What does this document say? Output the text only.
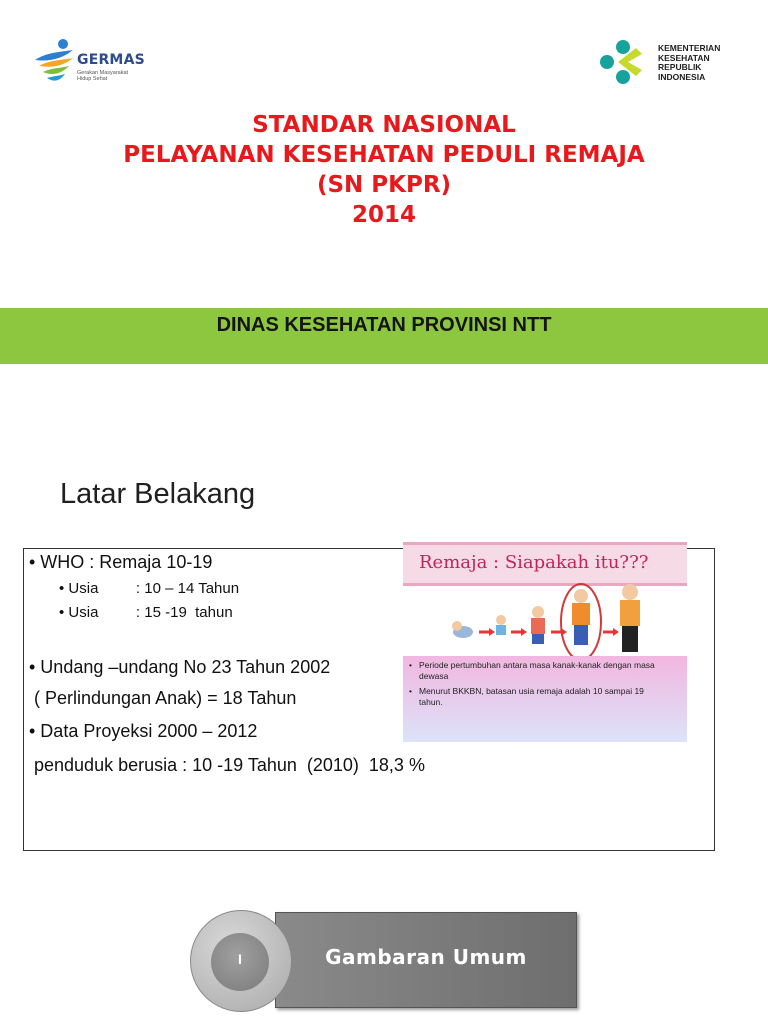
GERMAS
Gerakan Masyarakat
Hidup Sehat
KEMENTERIAN
KESEHATAN
REPUBLIK
INDONESIA
STANDAR NASIONAL
PELAYANAN KESEHATAN PEDULI REMAJA
(SN PKPR)
2014
DINAS KESEHATAN PROVINSI NTT
Latar Belakang
• WHO : Remaja 10-19
• Usia         : 10 – 14 Tahun
• Usia         : 15 -19  tahun
• Undang –undang No 23 Tahun 2002
( Perlindungan Anak) = 18 Tahun
• Data Proyeksi 2000 – 2012
penduduk berusia : 10 -19 Tahun  (2010)  18,3 %
Remaja : Siapakah itu???
• Periode pertumbuhan antara masa kanak-kanak dengan masa
dewasa
• Menurut BKKBN, batasan usia remaja adalah 10 sampai 19
tahun.
Gambaran Umum
I
